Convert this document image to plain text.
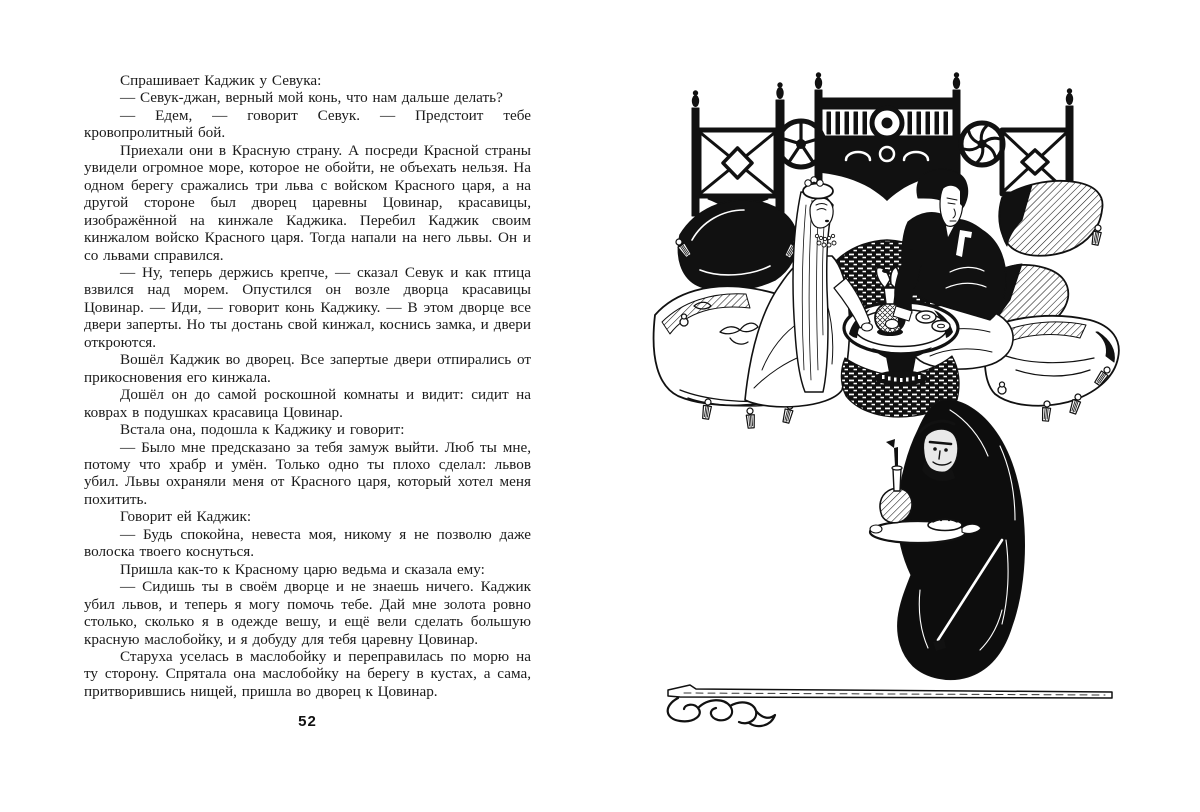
Спрашивает Каджик у Севука:

— Севук-джан, верный мой конь, что нам дальше делать?

— Едем, — говорит Севук. — Предстоит тебе кровопролитный бой.

Приехали они в Красную страну. А посреди Красной страны увидели огромное море, которое не обойти, не объехать нельзя. На одном берегу сражались три льва с войском Красного царя, а на другой стороне был дворец царевны Цовинар, красавицы, изображённой на кинжале Каджика. Перебил Каджик своим кинжалом войско Красного царя. Тогда напали на него львы. Он и со львами справился.

— Ну, теперь держись крепче, — сказал Севук и как птица взвился над морем. Опустился он возле дворца красавицы Цовинар. — Иди, — говорит конь Каджику. — В этом дворце все двери заперты. Но ты достань свой кинжал, коснись замка, и двери откроются.

Вошёл Каджик во дворец. Все запертые двери отпирались от прикосновения его кинжала.

Дошёл он до самой роскошной комнаты и видит: сидит на коврах в подушках красавица Цовинар.

Встала она, подошла к Каджику и говорит:

— Было мне предсказано за тебя замуж выйти. Люб ты мне, потому что храбр и умён. Только одно ты плохо сделал: львов убил. Львы охраняли меня от Красного царя, который хотел меня похитить.

Говорит ей Каджик:

— Будь спокойна, невеста моя, никому я не позволю даже волоска твоего коснуться.

Пришла как-то к Красному царю ведьма и сказала ему:

— Сидишь ты в своём дворце и не знаешь ничего. Каджик убил львов, и теперь я могу помочь тебе. Дай мне золота ровно столько, сколько я в одежде вешу, и ещё вели сделать большую красную маслобойку, и я добуду для тебя царевну Цовинар.

Старуха уселась в маслобойку и переправилась по морю на ту сторону. Спрятала она маслобойку на берегу в кустах, а сама, притворившись нищей, пришла во дворец к Цовинар.

52
